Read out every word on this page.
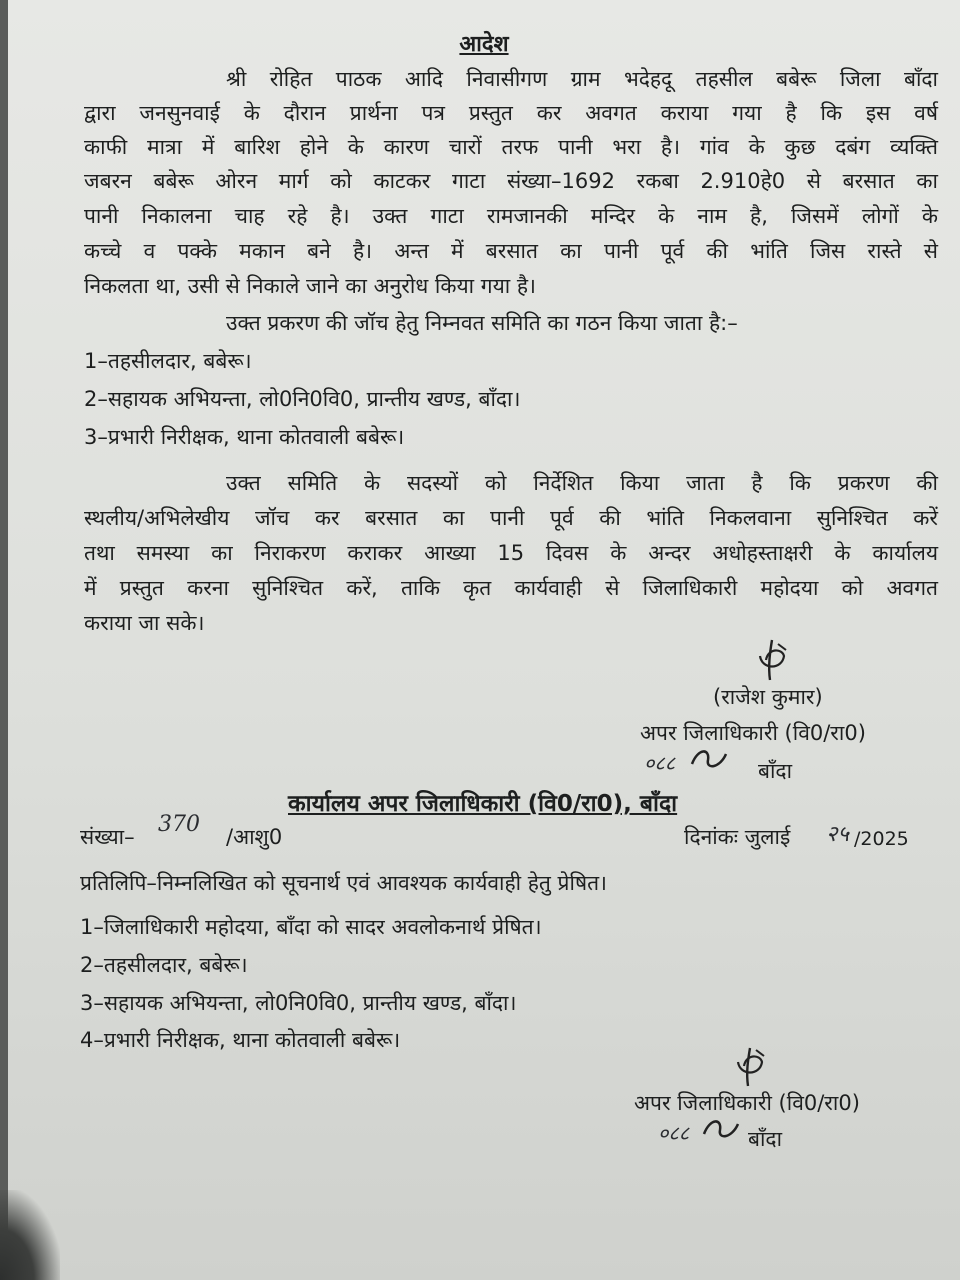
आदेश
श्री रोहित पाठक आदि निवासीगण ग्राम भदेहदू तहसील बबेरू जिला बाँदा
द्वारा जनसुनवाई के दौरान प्रार्थना पत्र प्रस्तुत कर अवगत कराया गया है कि इस वर्ष
काफी मात्रा में बारिश होने के कारण चारों तरफ पानी भरा है। गांव के कुछ दबंग व्यक्ति
जबरन बबेरू ओरन मार्ग को काटकर गाटा संख्या–1692 रकबा 2.910हे0 से बरसात का
पानी निकालना चाह रहे है। उक्त गाटा रामजानकी मन्दिर के नाम है, जिसमें लोगों के
कच्चे व पक्के मकान बने है। अन्त में बरसात का पानी पूर्व की भांति जिस रास्ते से
निकलता था, उसी से निकाले जाने का अनुरोध किया गया है।
उक्त प्रकरण की जॉच हेतु निम्नवत समिति का गठन किया जाता है:–
1–तहसीलदार, बबेरू।
2–सहायक अभियन्ता, लो0नि0वि0, प्रान्तीय खण्ड, बाँदा।
3–प्रभारी निरीक्षक, थाना कोतवाली बबेरू।
उक्त समिति के सदस्यों को निर्देशित किया जाता है कि प्रकरण की
स्थलीय/अभिलेखीय जॉच कर बरसात का पानी पूर्व की भांति निकलवाना सुनिश्चित करें
तथा समस्या का निराकरण कराकर आख्या 15 दिवस के अन्दर अधोहस्ताक्षरी के कार्यालय
में प्रस्तुत करना सुनिश्चित करें, ताकि कृत कार्यवाही से जिलाधिकारी महोदया को अवगत
कराया जा सके।
(राजेश कुमार)
अपर जिलाधिकारी (वि0/रा0)
०८८	बाँदा
कार्यालय अपर जिलाधिकारी (वि0/रा0), बाँदा
संख्या– 370 /आशु0	दिनांकः जुलाई २५ /2025
प्रतिलिपि–निम्नलिखित को सूचनार्थ एवं आवश्यक कार्यवाही हेतु प्रेषित।
1–जिलाधिकारी महोदया, बाँदा को सादर अवलोकनार्थ प्रेषित।
2–तहसीलदार, बबेरू।
3–सहायक अभियन्ता, लो0नि0वि0, प्रान्तीय खण्ड, बाँदा।
4–प्रभारी निरीक्षक, थाना कोतवाली बबेरू।
अपर जिलाधिकारी (वि0/रा0)
०८८	बाँदा
